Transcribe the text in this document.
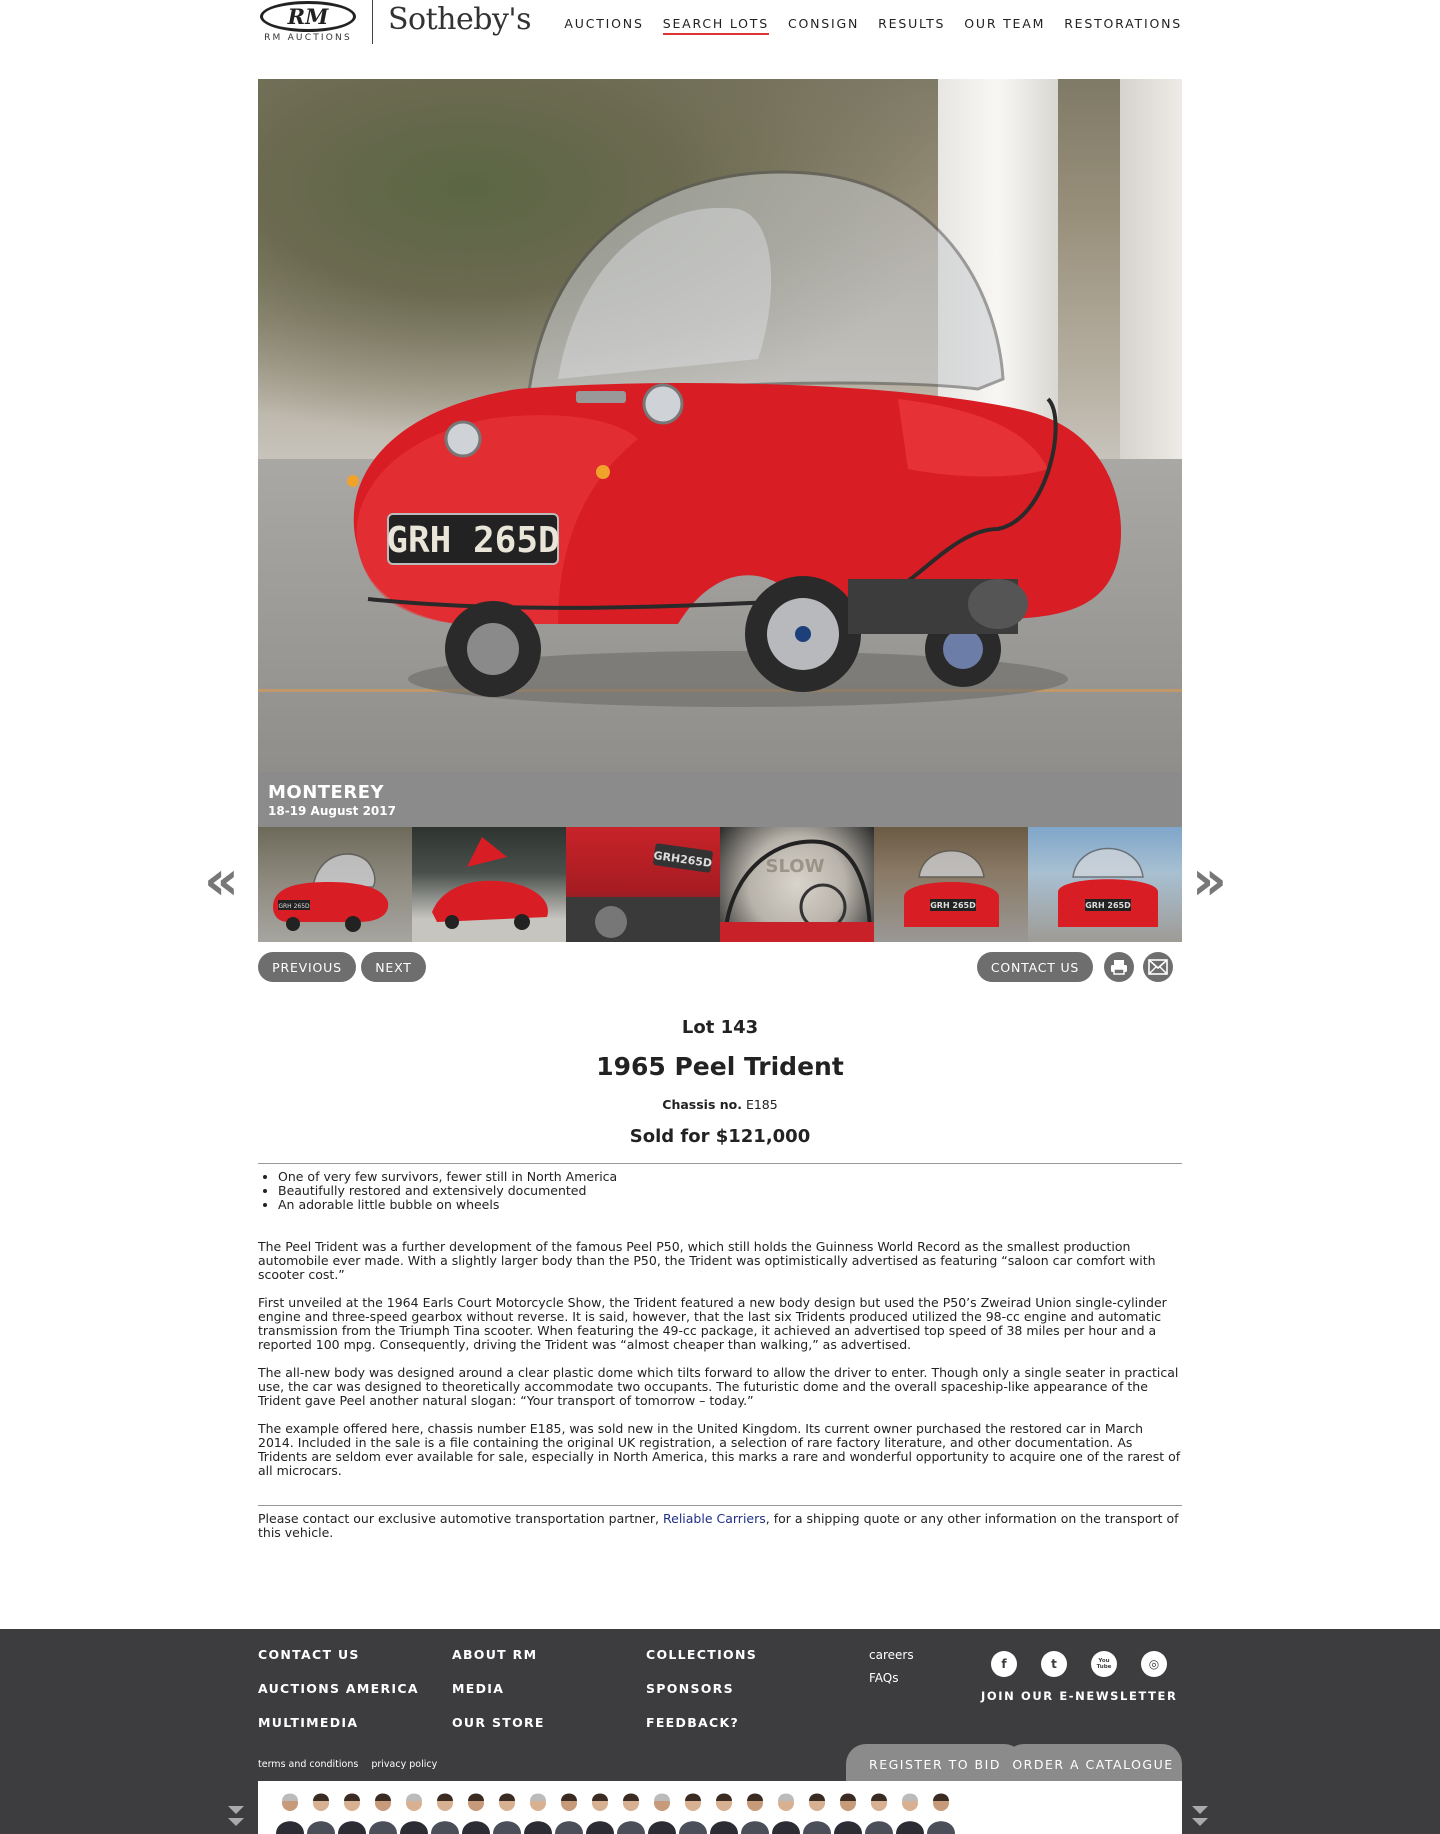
RM
RM AUCTIONS
Sotheby's	AUCTIONS SEARCH LOTS CONSIGN RESULTS OUR TEAM RESTORATIONS
GRH 265D
MONTEREY
18-19 August 2017
«	GRH 265D
GRH265D	SLOW
GRH 265D	GRH 265D »
PREVIOUS	NEXT	CONTACT US
Lot 143
1965 Peel Trident
Chassis no. E185
Sold for $121,000
• One of very few survivors, fewer still in North America
• Beautifully restored and extensively documented
• An adorable little bubble on wheels

The Peel Trident was a further development of the famous Peel P50, which still holds the Guinness World Record as the smallest production automobile ever made. With a slightly larger body than the P50, the Trident was optimistically advertised as featuring “saloon car comfort with scooter cost.”

First unveiled at the 1964 Earls Court Motorcycle Show, the Trident featured a new body design but used the P50’s Zweirad Union single-cylinder engine and three-speed gearbox without reverse. It is said, however, that the last six Tridents produced utilized the 98-cc engine and automatic transmission from the Triumph Tina scooter. When featuring the 49-cc package, it achieved an advertised top speed of 38 miles per hour and a reported 100 mpg. Consequently, driving the Trident was “almost cheaper than walking,” as advertised.

The all-new body was designed around a clear plastic dome which tilts forward to allow the driver to enter. Though only a single seater in practical use, the car was designed to theoretically accommodate two occupants. The futuristic dome and the overall spaceship-like appearance of the Trident gave Peel another natural slogan: “Your transport of tomorrow – today.”

The example offered here, chassis number E185, was sold new in the United Kingdom. Its current owner purchased the restored car in March 2014. Included in the sale is a file containing the original UK registration, a selection of rare factory literature, and other documentation. As Tridents are seldom ever available for sale, especially in North America, this marks a rare and wonderful opportunity to acquire one of the rarest of all microcars.

Please contact our exclusive automotive transportation partner, Reliable Carriers, for a shipping quote or any other information on the transport of this vehicle.
CONTACT US
AUCTIONS AMERICA
MULTIMEDIA
ABOUT RM
MEDIA
OUR STORE
COLLECTIONS
SPONSORS
FEEDBACK?
careers
FAQs
f	t	You Tube	◎
JOIN OUR E-NEWSLETTER
terms and conditions privacy policy	REGISTER TO BID ORDER A CATALOGUE
